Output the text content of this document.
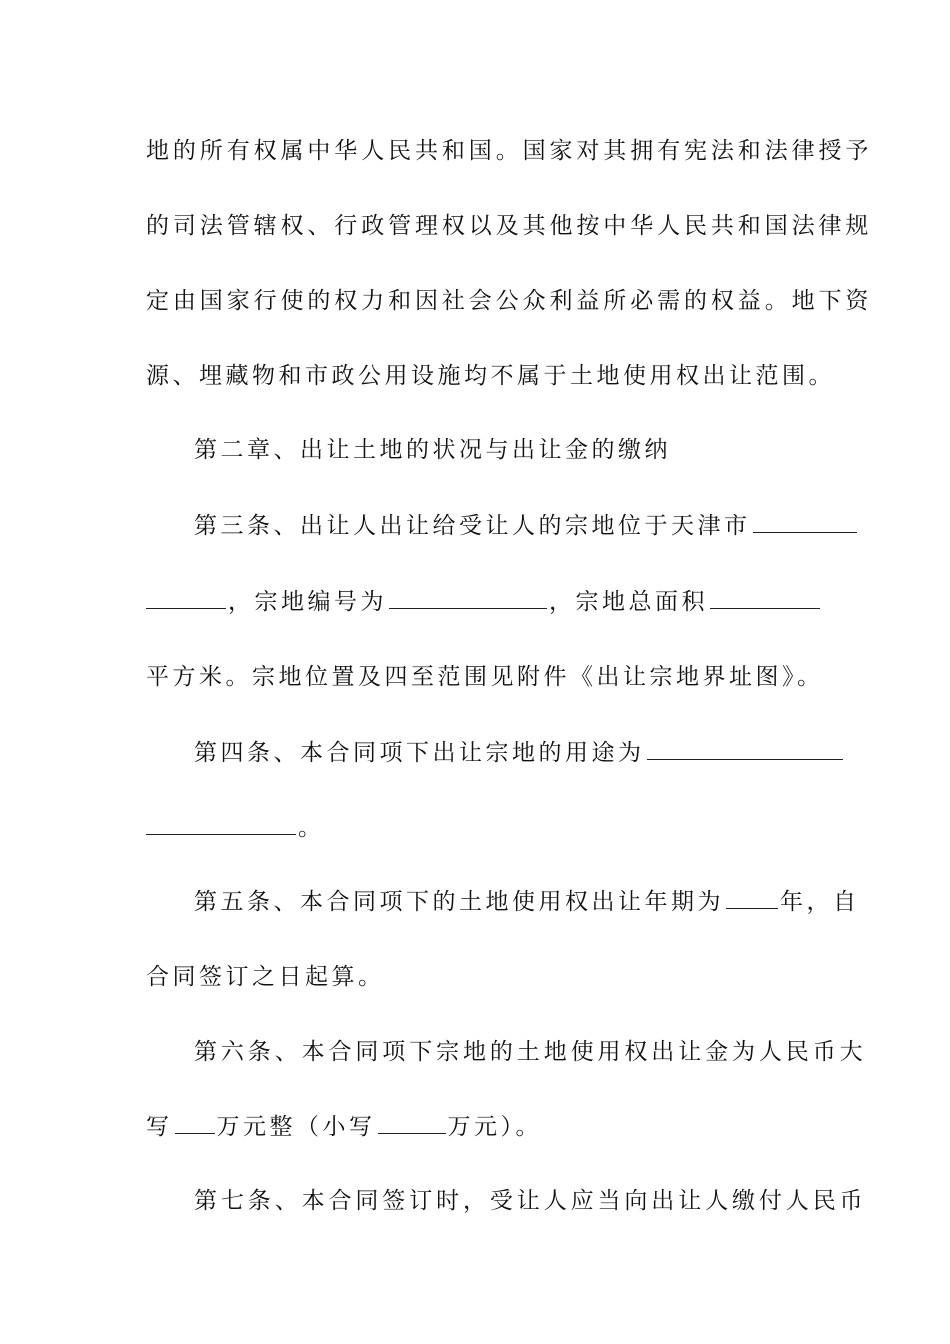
地的所有权属中华人民共和国。国家对其拥有宪法和法律授予
的司法管辖权、行政管理权以及其他按中华人民共和国法律规
定由国家行使的权力和因社会公众利益所必需的权益。地下资
源、埋藏物和市政公用设施均不属于土地使用权出让范围。
第二章、出让土地的状况与出让金的缴纳
第三条、出让人出让给受让人的宗地位于天津市
，宗地编号为	，宗地总面积
平方米。宗地位置及四至范围见附件《出让宗地界址图》。
第四条、本合同项下出让宗地的用途为
。
第五条、本合同项下的土地使用权出让年期为 年，自
合同签订之日起算。
第六条、本合同项下宗地的土地使用权出让金为人民币大
写 万元整（小写	万元）。
第七条、本合同签订时，受让人应当向出让人缴付人民币
